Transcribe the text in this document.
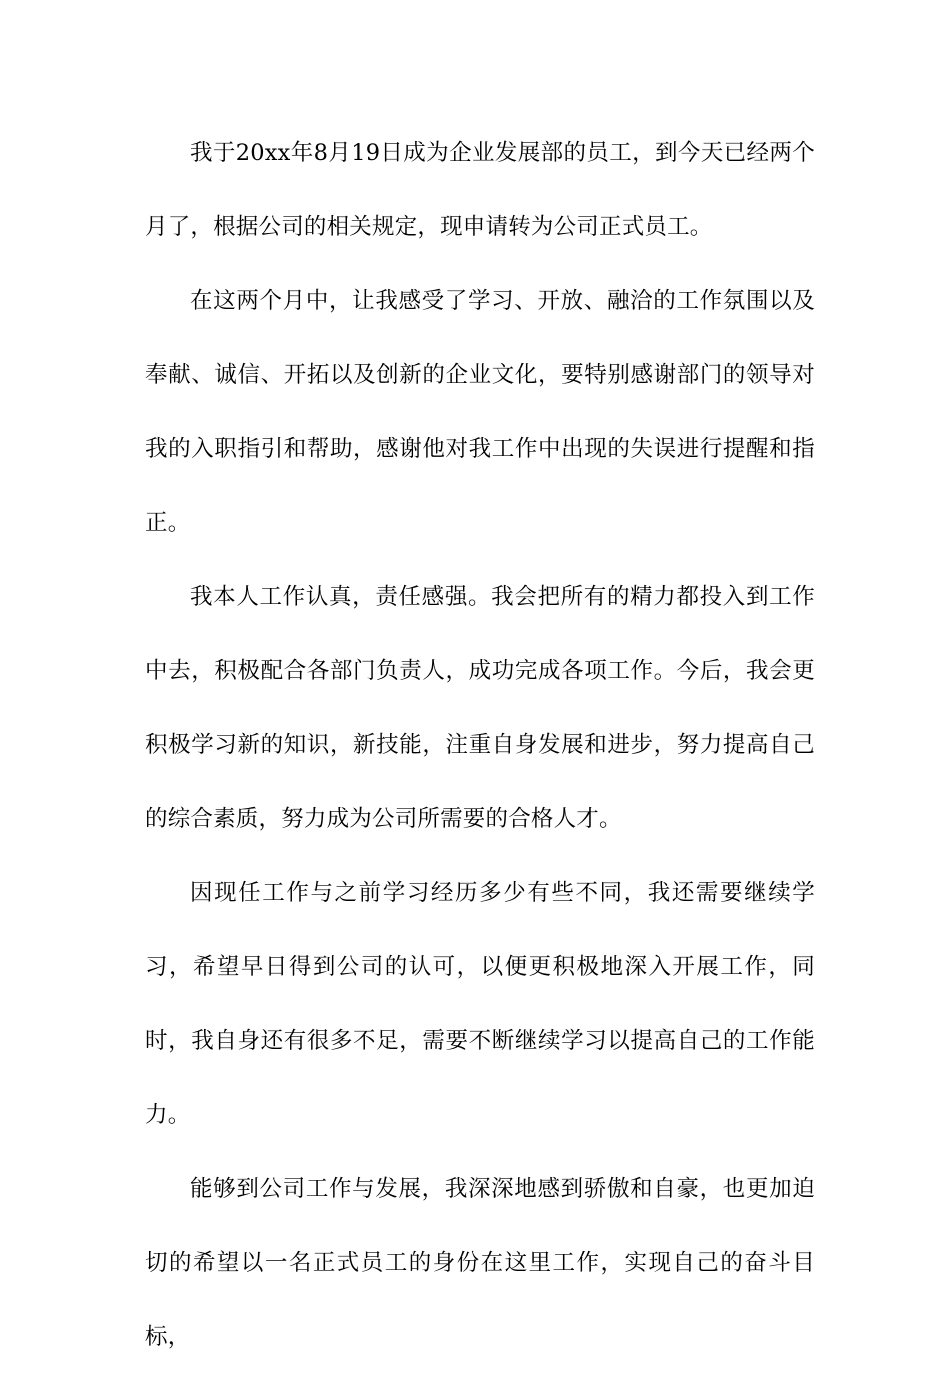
我于20xx年8月19日成为企业发展部的员工，到今天已经两个月了，根据公司的相关规定，现申请转为公司正式员工。

在这两个月中，让我感受了学习、开放、融洽的工作氛围以及奉献、诚信、开拓以及创新的企业文化，要特别感谢部门的领导对我的入职指引和帮助，感谢他对我工作中出现的失误进行提醒和指正。

我本人工作认真，责任感强。我会把所有的精力都投入到工作中去，积极配合各部门负责人，成功完成各项工作。今后，我会更积极学习新的知识，新技能，注重自身发展和进步，努力提高自己的综合素质，努力成为公司所需要的合格人才。

因现任工作与之前学习经历多少有些不同，我还需要继续学习，希望早日得到公司的认可，以便更积极地深入开展工作，同时，我自身还有很多不足，需要不断继续学习以提高自己的工作能力。

能够到公司工作与发展，我深深地感到骄傲和自豪，也更加迫切的希望以一名正式员工的身份在这里工作，实现自己的奋斗目标，
